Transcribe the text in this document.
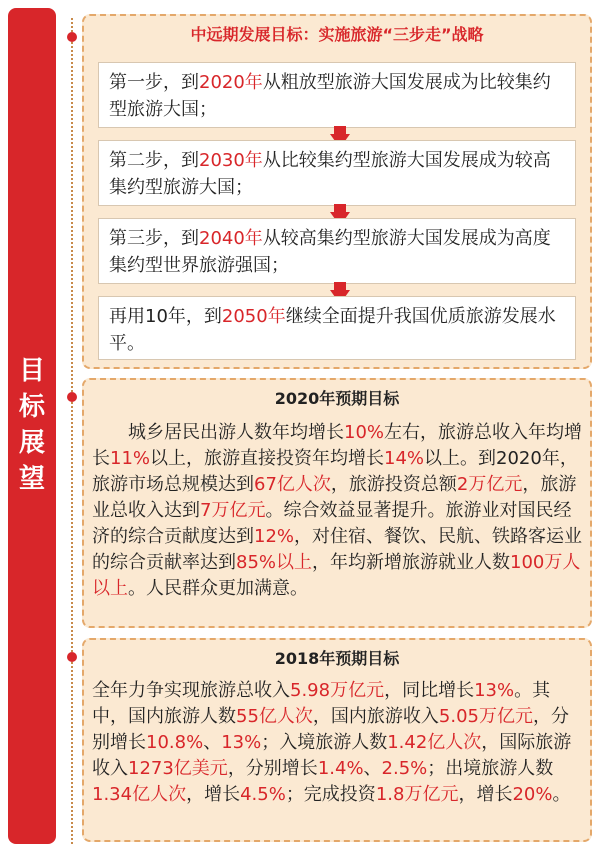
目
标
展
望
中远期发展目标：实施旅游“三步走”战略
第一步，到2020年从粗放型旅游大国发展成为比较集约型旅游大国；
第二步，到2030年从比较集约型旅游大国发展成为较高集约型旅游大国；
第三步，到2040年从较高集约型旅游大国发展成为高度集约型世界旅游强国；
再用10年，到2050年继续全面提升我国优质旅游发展水平。
2020年预期目标
　　城乡居民出游人数年均增长10%左右，旅游总收入年均增长11%以上，旅游直接投资年均增长14%以上。到2020年，旅游市场总规模达到67亿人次，旅游投资总额2万亿元，旅游业总收入达到7万亿元。综合效益显著提升。旅游业对国民经济的综合贡献度达到12%，对住宿、餐饮、民航、铁路客运业的综合贡献率达到85%以上，年均新增旅游就业人数100万人以上。人民群众更加满意。
2018年预期目标
全年力争实现旅游总收入5.98万亿元，同比增长13%。其中，国内旅游人数55亿人次，国内旅游收入5.05万亿元，分别增长10.8%、13%；入境旅游人数1.42亿人次，国际旅游收入1273亿美元，分别增长1.4%、2.5%；出境旅游人数1.34亿人次，增长4.5%；完成投资1.8万亿元，增长20%。
